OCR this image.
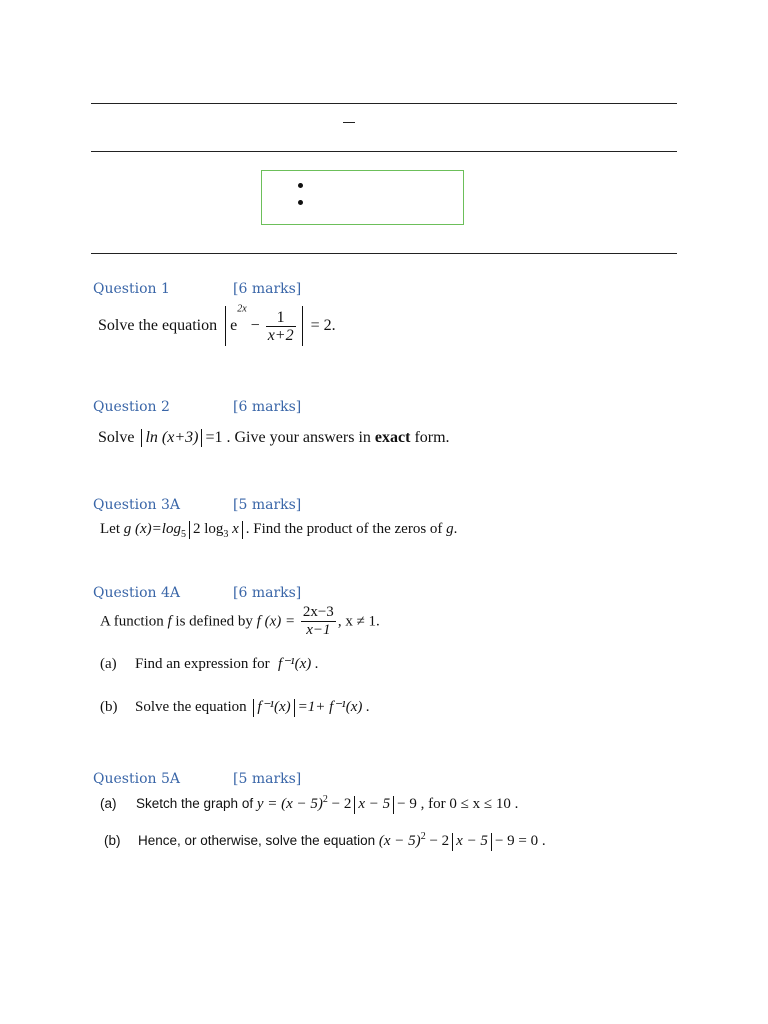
Question 1	[6 marks]
Solve the equation $e^{2x} - \frac{1}{x+2} = 2$.
Question 2	[6 marks]
Solve ln (x+3) =1 . Give your answers in exact form.
Question 3A	[5 marks]
Let g $(x)=\log_5$ 2 $\log_3 x$ . Find the product of the zeros of g.
Question 4A	[6 marks]
A function f is defined by f $(x) = \frac{2x-3}{x-1}$ , x ≠ 1.
(a) Find an expression for f⁻¹(x) .
(b) Solve the equation f⁻¹(x) =1+ f⁻¹(x) .
Question 5A	[5 marks]
(a) Sketch the graph of $y = (x - 5)^2 - 2$ x − 5 − 9 , for 0 ≤ x ≤ 10 .
(b) Hence, or otherwise, solve the equation $(x - 5)^2 - 2$ x − 5 − 9 = 0 .
